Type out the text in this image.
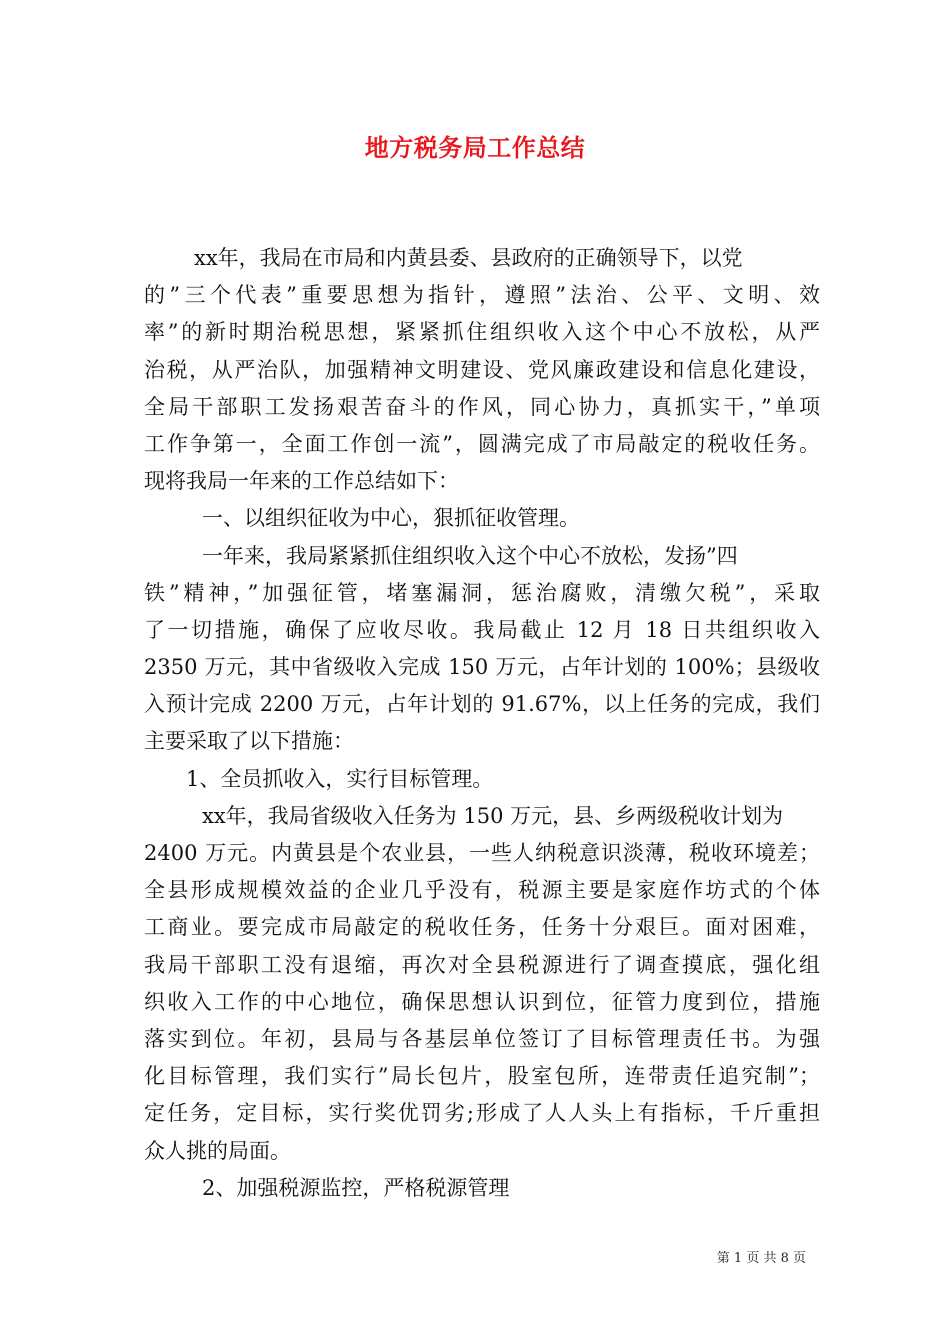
地方税务局工作总结
xx年，我局在市局和内黄县委、县政府的正确领导下，以党
的”三个代表”重要思想为指针，遵照”法治、公平、文明、效
率”的新时期治税思想，紧紧抓住组织收入这个中心不放松，从严
治税，从严治队，加强精神文明建设、党风廉政建设和信息化建设，
全局干部职工发扬艰苦奋斗的作风，同心协力，真抓实干，”单项
工作争第一，全面工作创一流”，圆满完成了市局敲定的税收任务。
现将我局一年来的工作总结如下：
一、以组织征收为中心，狠抓征收管理。
一年来，我局紧紧抓住组织收入这个中心不放松，发扬”四
铁”精神，”加强征管，堵塞漏洞，惩治腐败，清缴欠税”，采取
了一切措施，确保了应收尽收。我局截止 12 月 18 日共组织收入
2350 万元，其中省级收入完成 150 万元，占年计划的 100%；县级收
入预计完成 2200 万元，占年计划的 91.67%，以上任务的完成，我们
主要采取了以下措施：
1、全员抓收入，实行目标管理。
xx年，我局省级收入任务为 150 万元，县、乡两级税收计划为
2400 万元。内黄县是个农业县，一些人纳税意识淡薄，税收环境差；
全县形成规模效益的企业几乎没有，税源主要是家庭作坊式的个体
工商业。要完成市局敲定的税收任务，任务十分艰巨。面对困难，
我局干部职工没有退缩，再次对全县税源进行了调查摸底，强化组
织收入工作的中心地位，确保思想认识到位，征管力度到位，措施
落实到位。年初，县局与各基层单位签订了目标管理责任书。为强
化目标管理，我们实行”局长包片，股室包所，连带责任追究制”；
定任务，定目标，实行奖优罚劣;形成了人人头上有指标，千斤重担
众人挑的局面。
2、加强税源监控，严格税源管理
第 1 页 共 8 页
